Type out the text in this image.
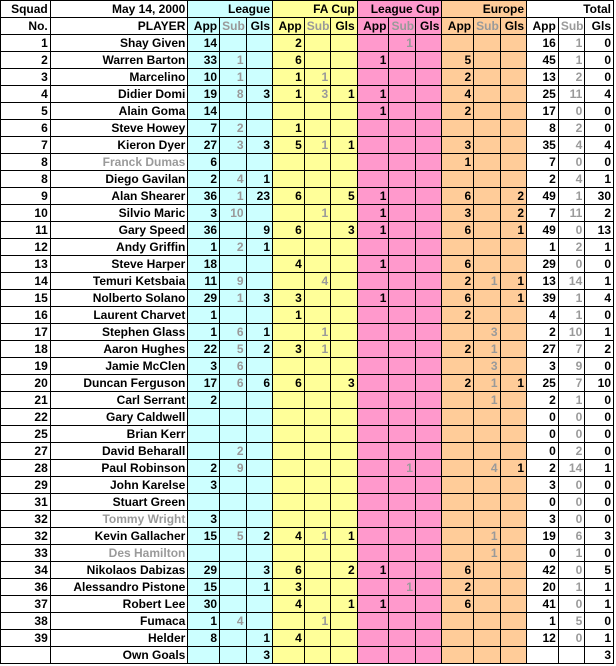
Squad	May 14, 2000	League			FA Cup			League Cup			Europe			Total		
No.	PLAYER	App	Sub	Gls	App	Sub	Gls	App	Sub	Gls	App	Sub	Gls	App	Sub	Gls
1	Shay Given	14			2				1					16	1	0
2	Warren Barton	33	1		6			1			5			45	1	0
3	Marcelino	10	1		1	1					2			13	2	0
4	Didier Domi	19	8	3	1	3	1	1			4			25	11	4
5	Alain Goma	14						1			2			17	0	0
6	Steve Howey	7	2		1									8	2	0
7	Kieron Dyer	27	3	3	5	1	1				3			35	4	4
8	Franck Dumas	6									1			7	0	0
8	Diego Gavilan	2	4	1										2	4	1
9	Alan Shearer	36	1	23	6		5	1			6		2	49	1	30
10	Silvio Maric	3	10			1		1			3		2	7	11	2
11	Gary Speed	36		9	6		3	1			6		1	49	0	13
12	Andy Griffin	1	2	1										1	2	1
13	Steve Harper	18			4			1			6			29	0	0
14	Temuri Ketsbaia	11	9			4					2	1	1	13	14	1
15	Nolberto Solano	29	1	3	3			1			6		1	39	1	4
16	Laurent Charvet	1			1						2			4	1	0
17	Stephen Glass	1	6	1		1						3		2	10	1
18	Aaron Hughes	22	5	2	3	1					2	1		27	7	2
19	Jamie McClen	3	6									3		3	9	0
20	Duncan Ferguson	17	6	6	6		3				2	1	1	25	7	10
21	Carl Serrant	2										1		2	1	0
22	Gary Caldwell													0	0	0
25	Brian Kerr													0	0	0
27	David Beharall		2											0	2	0
28	Paul Robinson	2	9						1			4	1	2	14	1
29	John Karelse	3												3	0	0
31	Stuart Green													0	0	0
32	Tommy Wright	3												3	0	0
32	Kevin Gallacher	15	5	2	4	1	1					1		19	6	3
33	Des Hamilton											1		0	1	0
34	Nikolaos Dabizas	29		3	6		2	1			6			42	0	5
36	Alessandro Pistone	15		1	3				1		2			20	1	1
37	Robert Lee	30			4		1	1			6			41	0	1
38	Fumaca	1	4			1								1	5	0
39	Helder	8		1	4									12	0	1
	Own Goals			3												3
